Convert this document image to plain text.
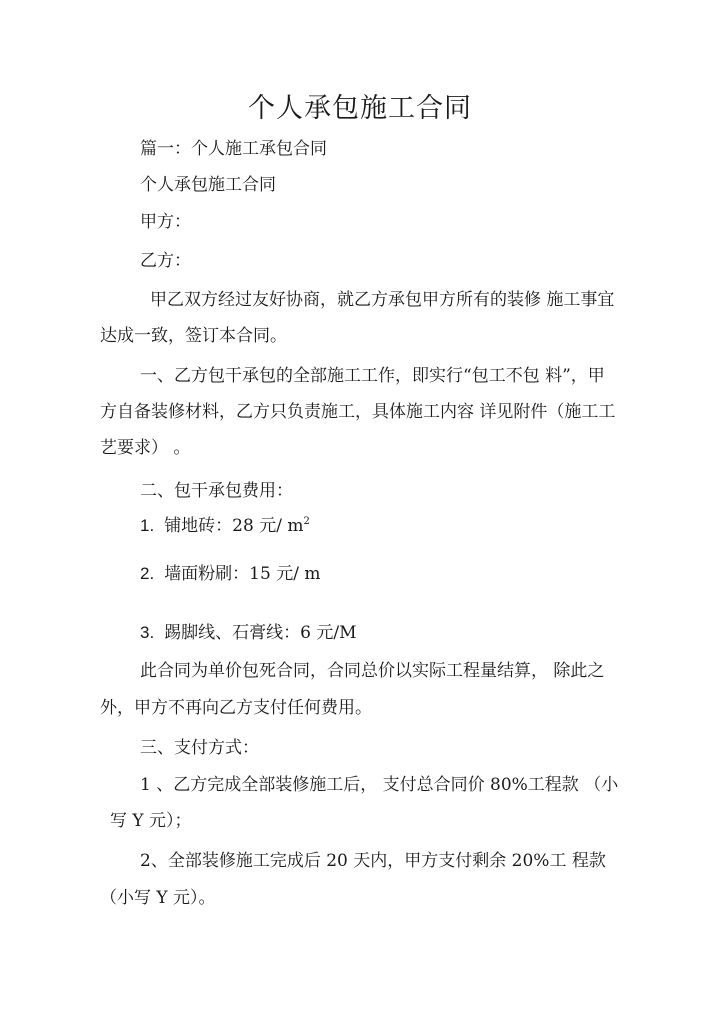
个人承包施工合同
篇一：个人施工承包合同
个人承包施工合同
甲方：
乙方：
甲乙双方经过友好协商，就乙方承包甲方所有的装修 施工事宜
达成一致，签订本合同。
一、乙方包干承包的全部施工工作，即实行“包工不包 料”，甲
方自备装修材料，乙方只负责施工，具体施工内容 详见附件（施工工
艺要求） 。
二、包干承包费用：
1. 铺地砖：28 元/ $m^2$
2. 墙面粉刷：15 元/ m
3. 踢脚线、石膏线：6 元/M
此合同为单价包死合同，合同总价以实际工程量结算， 除此之
外，甲方不再向乙方支付任何费用。
三、支付方式：
1 、乙方完成全部装修施工后， 支付总合同价 80%工程款 （小
写 Y 元）；
2、全部装修施工完成后 20 天内，甲方支付剩余 20%工 程款
（小写 Y 元）。
